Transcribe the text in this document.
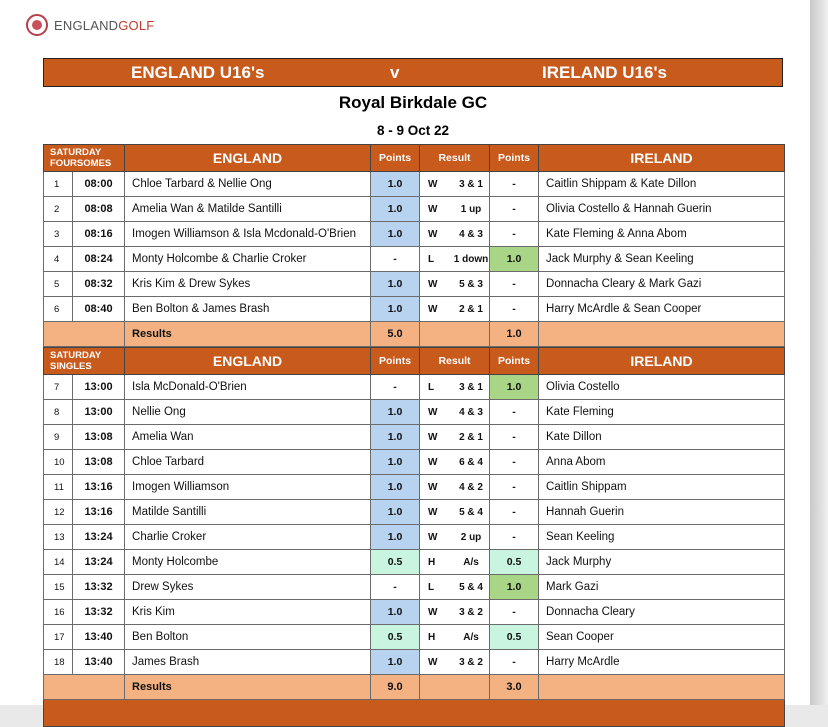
ENGLANDGOLF
ENGLAND U16's	v	IRELAND U16's
Royal Birkdale GC
8 - 9 Oct 22
SATURDAY
FOURSOMES		ENGLAND	Points	Result	Points	IRELAND
1	08:00	Chloe Tarbard & Nellie Ong	1.0	W 3 & 1	-	Caitlin Shippam & Kate Dillon
2	08:08	Amelia Wan & Matilde Santilli	1.0	W 1 up	-	Olivia Costello & Hannah Guerin
3	08:16	Imogen Williamson & Isla Mcdonald-O'Brien	1.0	W 4 & 3	-	Kate Fleming & Anna Abom
4	08:24	Monty Holcombe & Charlie Croker	-	L 1 down	1.0	Jack Murphy & Sean Keeling
5	08:32	Kris Kim & Drew Sykes	1.0	W 5 & 3	-	Donnacha Cleary & Mark Gazi
6	08:40	Ben Bolton & James Brash	1.0	W 2 & 1	-	Harry McArdle & Sean Cooper
		Results	5.0		1.0	
SATURDAY
SINGLES		ENGLAND	Points	Result	Points	IRELAND
7	13:00	Isla McDonald-O'Brien	-	L 3 & 1	1.0	Olivia Costello
8	13:00	Nellie Ong	1.0	W 4 & 3	-	Kate Fleming
9	13:08	Amelia Wan	1.0	W 2 & 1	-	Kate Dillon
10	13:08	Chloe Tarbard	1.0	W 6 & 4	-	Anna Abom
11	13:16	Imogen Williamson	1.0	W 4 & 2	-	Caitlin Shippam
12	13:16	Matilde Santilli	1.0	W 5 & 4	-	Hannah Guerin
13	13:24	Charlie Croker	1.0	W 2 up	-	Sean Keeling
14	13:24	Monty Holcombe	0.5	H A/s	0.5	Jack Murphy
15	13:32	Drew Sykes	-	L 5 & 4	1.0	Mark Gazi
16	13:32	Kris Kim	1.0	W 3 & 2	-	Donnacha Cleary
17	13:40	Ben Bolton	0.5	H A/s	0.5	Sean Cooper
18	13:40	James Brash	1.0	W 3 & 2	-	Harry McArdle
		Results	9.0		3.0	
